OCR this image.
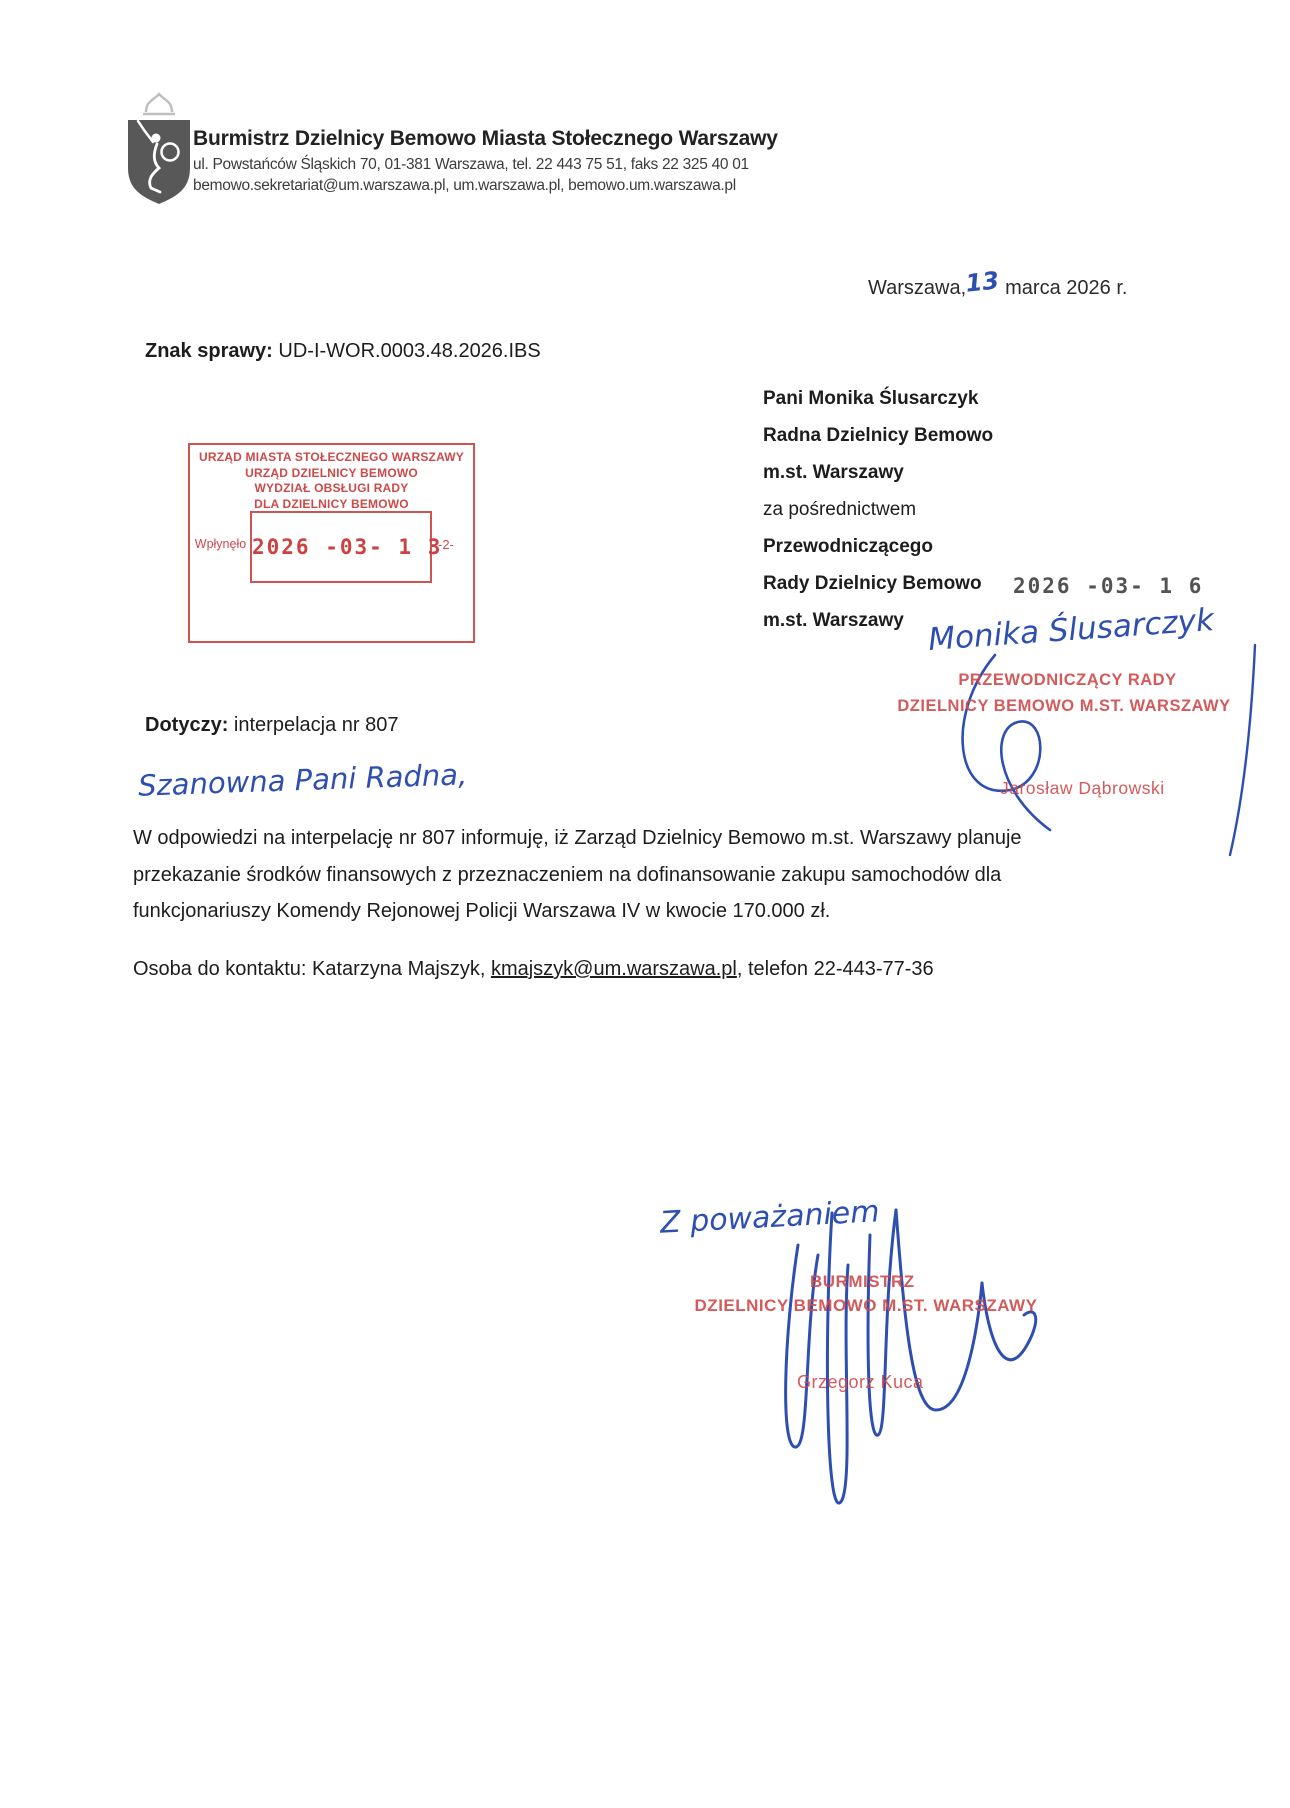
Burmistrz Dzielnicy Bemowo Miasta Stołecznego Warszawy
ul. Powstańców Śląskich 70, 01-381 Warszawa, tel. 22 443 75 51, faks 22 325 40 01
bemowo.sekretariat@um.warszawa.pl, um.warszawa.pl, bemowo.um.warszawa.pl
Warszawa,13 marca 2026 r.
Znak sprawy: UD-I-WOR.0003.48.2026.IBS
URZĄD MIASTA STOŁECZNEGO WARSZAWY
URZĄD DZIELNICY BEMOWO
WYDZIAŁ OBSŁUGI RADY
DLA DZIELNICY BEMOWO
Wpłynęło 2026 -03- 1 3
-2-
Pani Monika Ślusarczyk
Radna Dzielnicy Bemowo
m.st. Warszawy
za pośrednictwem
Przewodniczącego
Rady Dzielnicy Bemowo
m.st. Warszawy
2026 -03- 1 6
Monika Ślusarczyk
PRZEWODNICZĄCY RADY
DZIELNICY BEMOWO M.ST. WARSZAWY
Jarosław Dąbrowski
Dotyczy: interpelacja nr 807
Szanowna Pani Radna,
W odpowiedzi na interpelację nr 807 informuję, iż Zarząd Dzielnicy Bemowo m.st. Warszawy planuje przekazanie środków finansowych z przeznaczeniem na dofinansowanie zakupu samochodów dla funkcjonariuszy Komendy Rejonowej Policji Warszawa IV w kwocie 170.000 zł.
Osoba do kontaktu: Katarzyna Majszyk, kmajszyk@um.warszawa.pl, telefon 22-443-77-36
Z poważaniem
BURMISTRZ
DZIELNICY BEMOWO M.ST. WARSZAWY
Grzegorz Kuca
